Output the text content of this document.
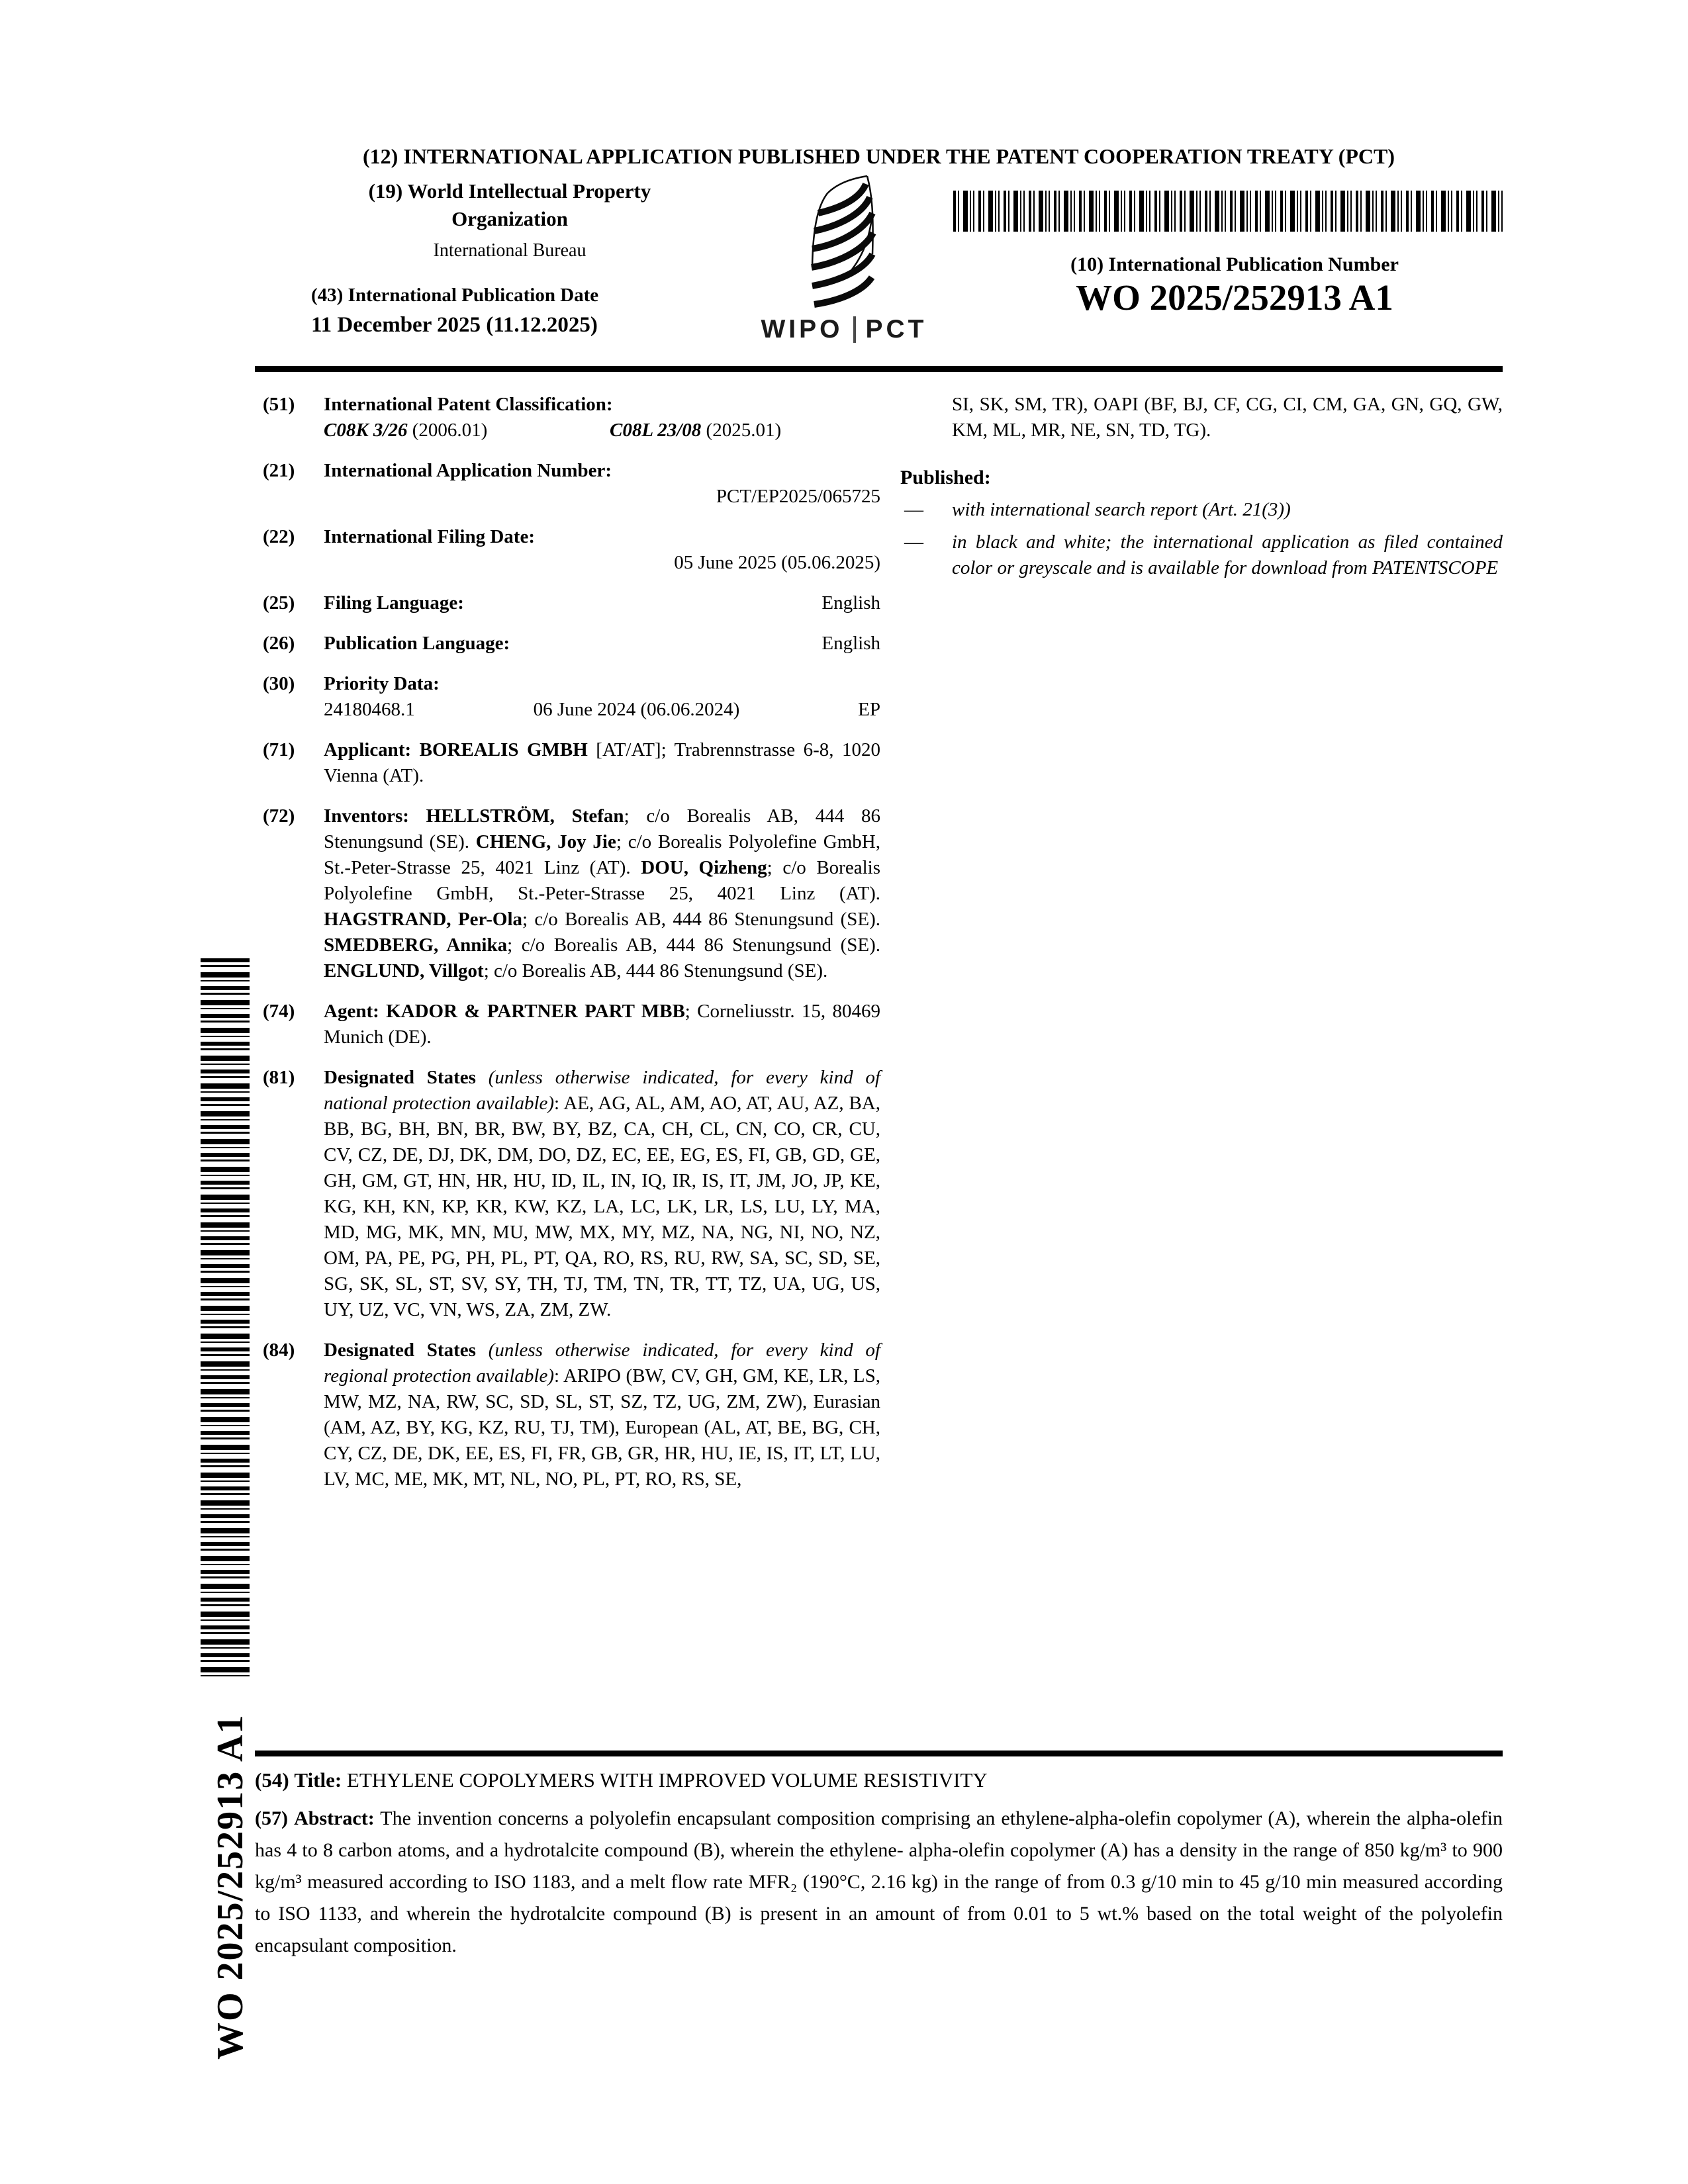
WO 2025/252913 A1
(12) INTERNATIONAL APPLICATION PUBLISHED UNDER THE PATENT COOPERATION TREATY (PCT)
(19) World Intellectual Property
Organization
International Bureau
(43) International Publication Date
11 December 2025 (11.12.2025)	WIPO PCT
(10) International Publication Number
WO 2025/252913 A1
(51) International Patent Classification:
C08K 3/26 (2006.01)	C08L 23/08 (2025.01)
(21) International Application Number:
PCT/EP2025/065725
(22) International Filing Date:
05 June 2025 (05.06.2025)
(25) Filing Language:	English
(26) Publication Language:	English
(30) Priority Data:
24180468.1	06 June 2024 (06.06.2024)	EP
(71) Applicant: BOREALIS GMBH [AT/AT]; Trabrennstrasse 6-8, 1020 Vienna (AT).
(72) Inventors: HELLSTRÖM, Stefan; c/o Borealis AB, 444 86 Stenungsund (SE). CHENG, Joy Jie; c/o Borealis Polyolefine GmbH, St.-Peter-Strasse 25, 4021 Linz (AT). DOU, Qizheng; c/o Borealis Polyolefine GmbH, St.-Peter-Strasse 25, 4021 Linz (AT). HAGSTRAND, Per-Ola; c/o Borealis AB, 444 86 Stenungsund (SE). SMEDBERG, Annika; c/o Borealis AB, 444 86 Stenungsund (SE). ENGLUND, Villgot; c/o Borealis AB, 444 86 Stenungsund (SE).
(74) Agent: KADOR & PARTNER PART MBB; Corneliusstr. 15, 80469 Munich (DE).
(81) Designated States (unless otherwise indicated, for every kind of national protection available): AE, AG, AL, AM, AO, AT, AU, AZ, BA, BB, BG, BH, BN, BR, BW, BY, BZ, CA, CH, CL, CN, CO, CR, CU, CV, CZ, DE, DJ, DK, DM, DO, DZ, EC, EE, EG, ES, FI, GB, GD, GE, GH, GM, GT, HN, HR, HU, ID, IL, IN, IQ, IR, IS, IT, JM, JO, JP, KE, KG, KH, KN, KP, KR, KW, KZ, LA, LC, LK, LR, LS, LU, LY, MA, MD, MG, MK, MN, MU, MW, MX, MY, MZ, NA, NG, NI, NO, NZ, OM, PA, PE, PG, PH, PL, PT, QA, RO, RS, RU, RW, SA, SC, SD, SE, SG, SK, SL, ST, SV, SY, TH, TJ, TM, TN, TR, TT, TZ, UA, UG, US, UY, UZ, VC, VN, WS, ZA, ZM, ZW.
(84) Designated States (unless otherwise indicated, for every kind of regional protection available): ARIPO (BW, CV, GH, GM, KE, LR, LS, MW, MZ, NA, RW, SC, SD, SL, ST, SZ, TZ, UG, ZM, ZW), Eurasian (AM, AZ, BY, KG, KZ, RU, TJ, TM), European (AL, AT, BE, BG, CH, CY, CZ, DE, DK, EE, ES, FI, FR, GB, GR, HR, HU, IE, IS, IT, LT, LU, LV, MC, ME, MK, MT, NL, NO, PL, PT, RO, RS, SE,
SI, SK, SM, TR), OAPI (BF, BJ, CF, CG, CI, CM, GA, GN, GQ, GW, KM, ML, MR, NE, SN, TD, TG).
Published:
— with international search report (Art. 21(3))
— in black and white; the international application as filed contained color or greyscale and is available for download from PATENTSCOPE
(54) Title: ETHYLENE COPOLYMERS WITH IMPROVED VOLUME RESISTIVITY
(57) Abstract: The invention concerns a polyolefin encapsulant composition comprising an ethylene-alpha-olefin copolymer (A), wherein the alpha-olefin has 4 to 8 carbon atoms, and a hydrotalcite compound (B), wherein the ethylene- alpha-olefin copolymer (A) has a density in the range of 850 kg/m³ to 900 kg/m³ measured according to ISO 1183, and a melt flow rate MFR₂ (190°C, 2.16 kg) in the range of from 0.3 g/10 min to 45 g/10 min measured according to ISO 1133, and wherein the hydrotalcite compound (B) is present in an amount of from 0.01 to 5 wt.% based on the total weight of the polyolefin encapsulant composition.
